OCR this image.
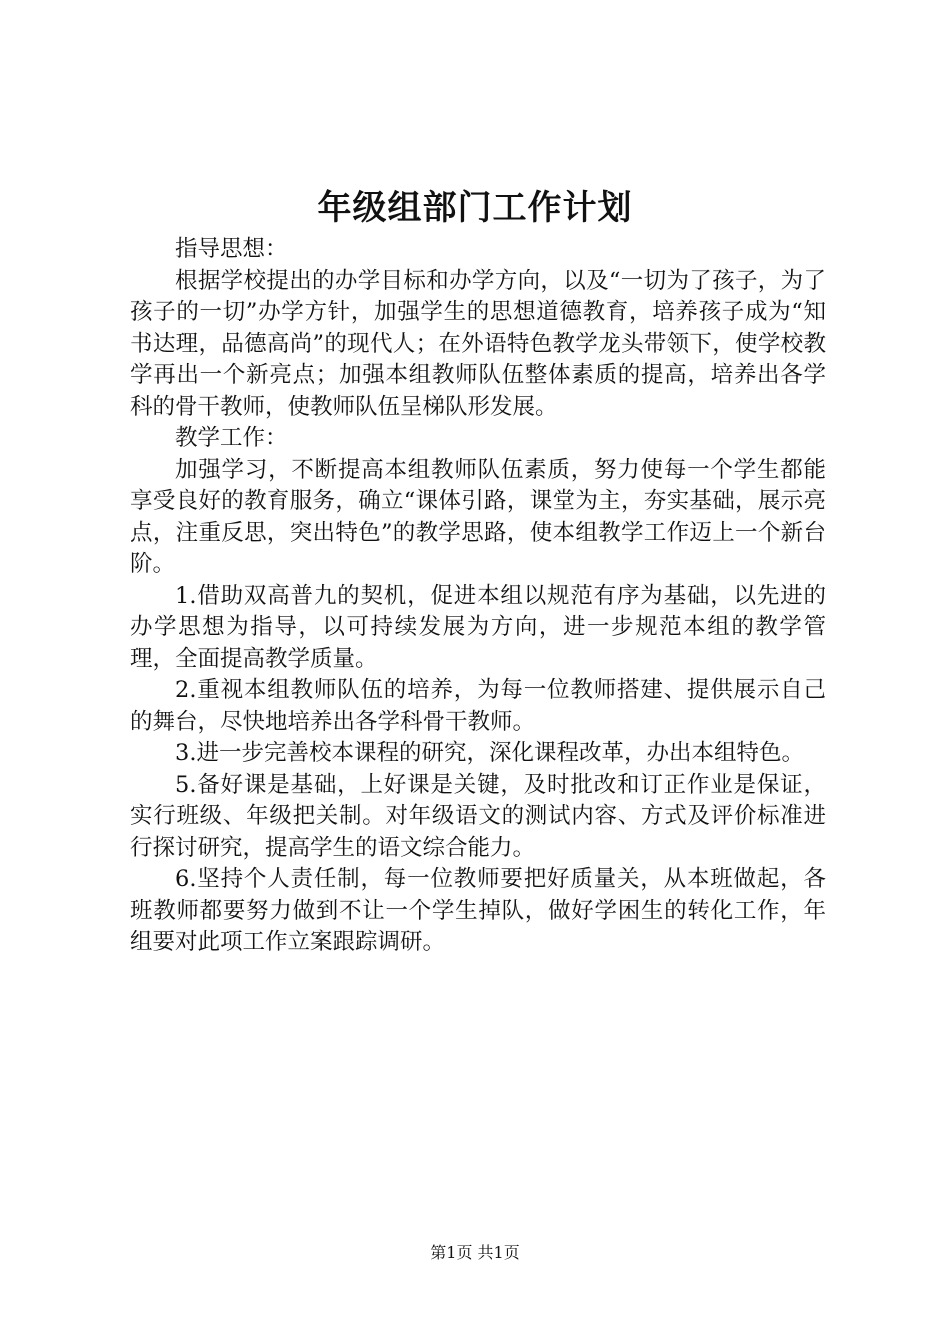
年级组部门工作计划

指导思想：

根据学校提出的办学目标和办学方向，以及“一切为了孩子，为了孩子的一切”办学方针，加强学生的思想道德教育，培养孩子成为“知书达理，品德高尚”的现代人；在外语特色教学龙头带领下，使学校教学再出一个新亮点；加强本组教师队伍整体素质的提高，培养出各学科的骨干教师，使教师队伍呈梯队形发展。

教学工作：

加强学习，不断提高本组教师队伍素质，努力使每一个学生都能享受良好的教育服务，确立“课体引路，课堂为主，夯实基础，展示亮点，注重反思，突出特色”的教学思路，使本组教学工作迈上一个新台阶。

1.借助双高普九的契机，促进本组以规范有序为基础，以先进的办学思想为指导，以可持续发展为方向，进一步规范本组的教学管理，全面提高教学质量。

2.重视本组教师队伍的培养，为每一位教师搭建、提供展示自己的舞台，尽快地培养出各学科骨干教师。

3.进一步完善校本课程的研究，深化课程改革，办出本组特色。

5.备好课是基础，上好课是关键，及时批改和订正作业是保证，实行班级、年级把关制。对年级语文的测试内容、方式及评价标准进行探讨研究，提高学生的语文综合能力。

6.坚持个人责任制，每一位教师要把好质量关，从本班做起，各班教师都要努力做到不让一个学生掉队，做好学困生的转化工作，年组要对此项工作立案跟踪调研。

第1页 共1页
